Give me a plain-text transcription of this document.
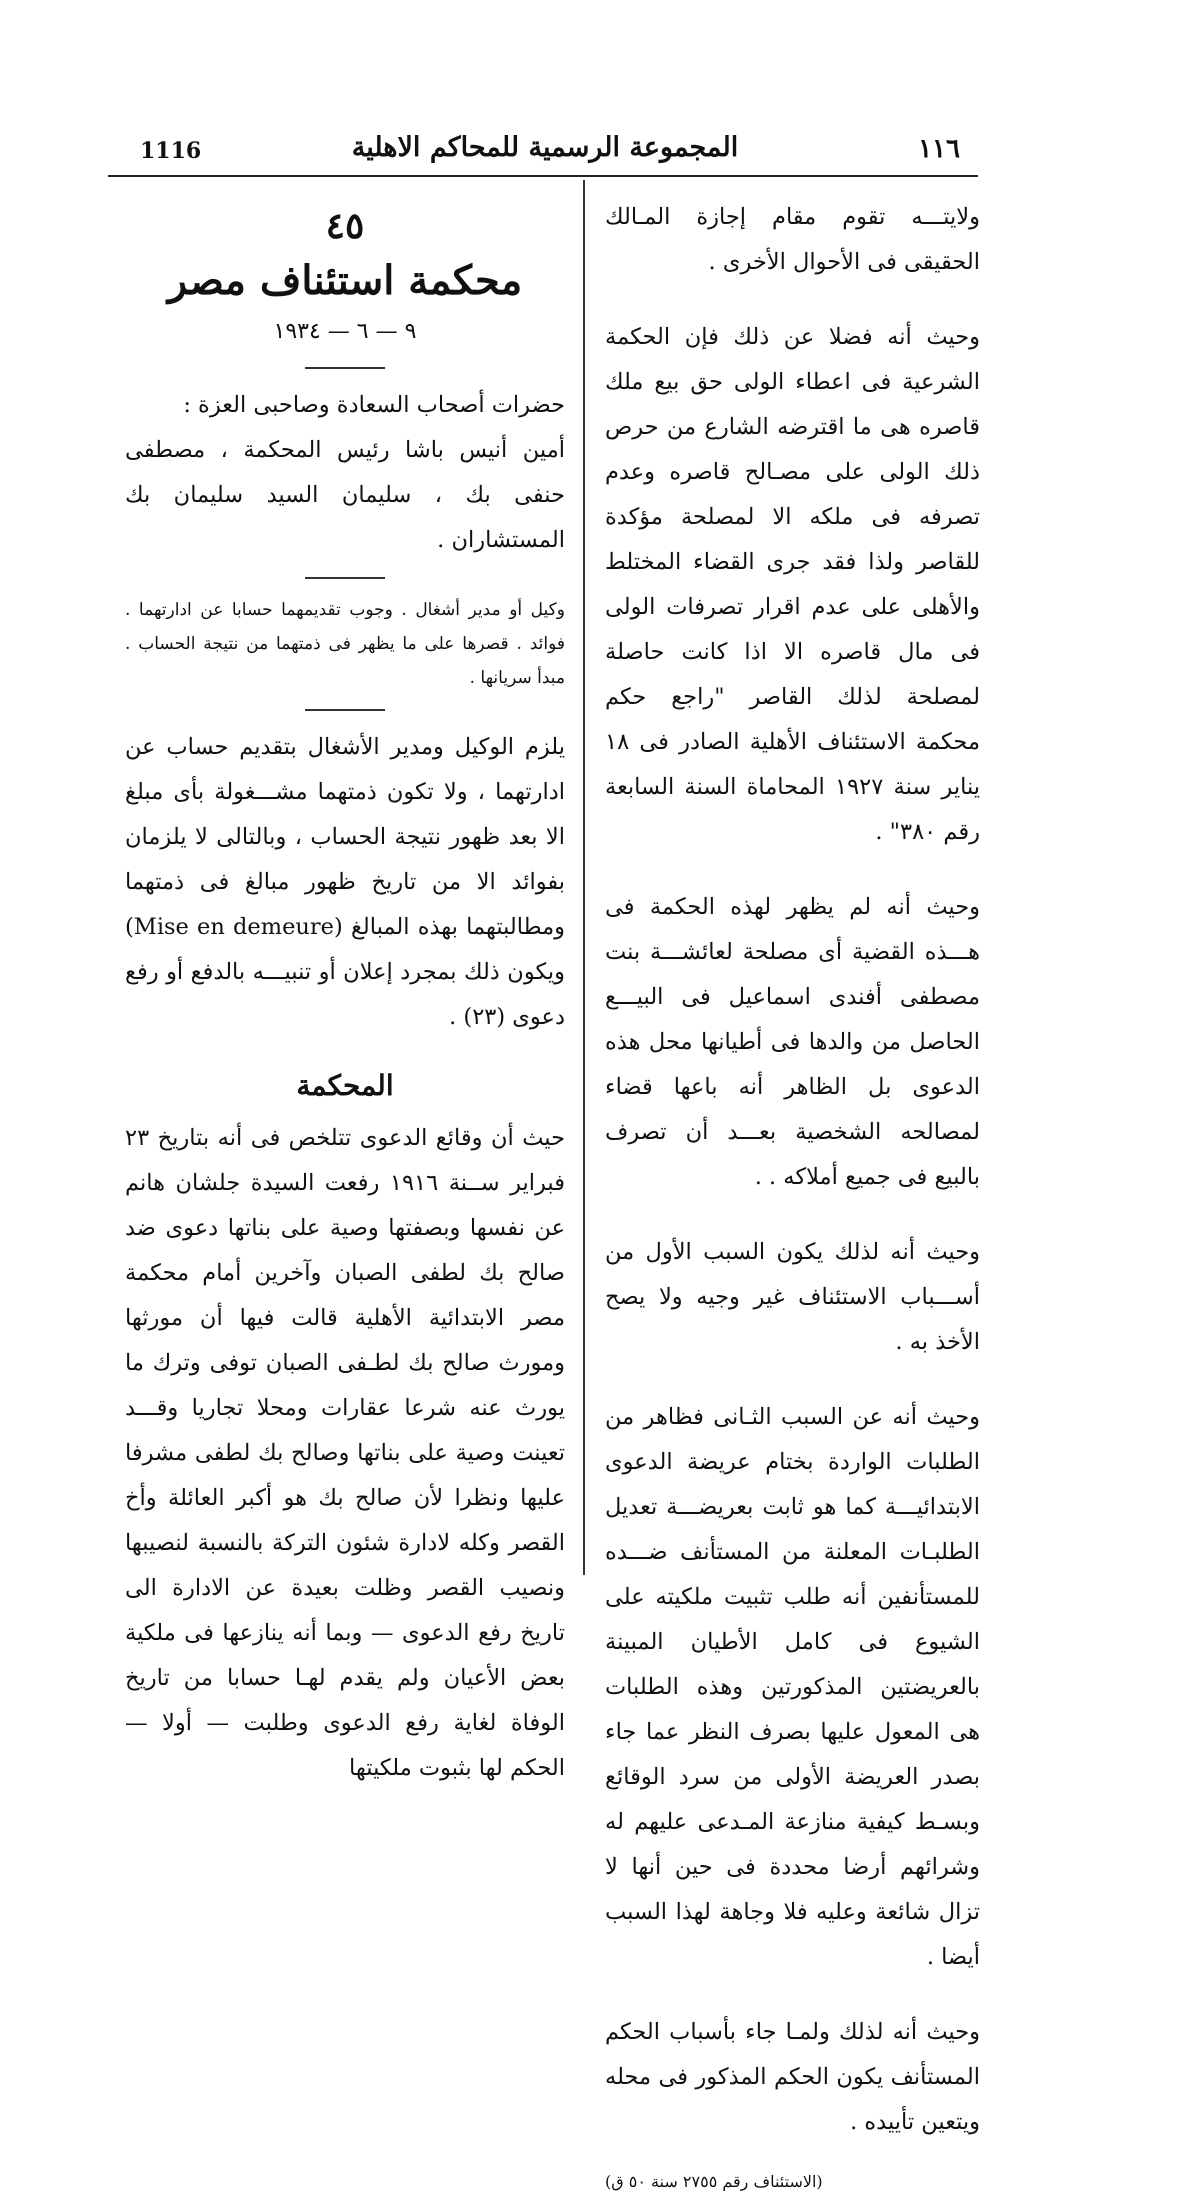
1116	المجموعة الرسمية للمحاكم الاهلية	١١٦

ولايتـــه تقوم مقام إجازة المـالك الحقيقى فى الأحوال الأخرى .

وحيث أنه فضلا عن ذلك فإن الحكمة الشرعية فى اعطاء الولى حق بيع ملك قاصره هى ما اقترضه الشارع من حرص ذلك الولى على مصـالح قاصره وعدم تصرفه فى ملكه الا لمصلحة مؤكدة للقاصر ولذا فقد جرى القضاء المختلط والأهلى على عدم اقرار تصرفات الولى فى مال قاصره الا اذا كانت حاصلة لمصلحة لذلك القاصر "راجع حكم محكمة الاستئناف الأهلية الصادر فى ١٨ يناير سنة ١٩٢٧ المحاماة السنة السابعة رقم ٣٨٠" .

وحيث أنه لم يظهر لهذه الحكمة فى هـــذه القضية أى مصلحة لعائشـــة بنت مصطفى أفندى اسماعيل فى البيـــع الحاصل من والدها فى أطيانها محل هذه الدعوى بل الظاهر أنه باعها قضاء لمصالحه الشخصية بعـــد أن تصرف بالبيع فى جميع أملاكه . .

وحيث أنه لذلك يكون السبب الأول من أســـباب الاستئناف غير وجيه ولا يصح الأخذ به .

وحيث أنه عن السبب الثـانى فظاهر من الطلبات الواردة بختام عريضة الدعوى الابتدائيـــة كما هو ثابت بعريضـــة تعديل الطلبـات المعلنة من المستأنف ضـــده للمستأنفين أنه طلب تثبيت ملكيته على الشيوع فى كامل الأطيان المبينة بالعريضتين المذكورتين وهذه الطلبات هى المعول عليها بصرف النظر عما جاء بصدر العريضة الأولى من سرد الوقائع وبسـط كيفية منازعة المـدعى عليهم له وشرائهم أرضا محددة فى حين أنها لا تزال شائعة وعليه فلا وجاهة لهذا السبب أيضا .

وحيث أنه لذلك ولمـا جاء بأسباب الحكم المستأنف يكون الحكم المذكور فى محله ويتعين تأييده .

(الاستئناف رقم ٢٧٥٥ سنة ٥٠ ق)

٤٥
محكمة استئناف مصر
٩ — ٦ — ١٩٣٤

حضرات أصحاب السعادة وصاحبى العزة :

أمين أنيس باشا رئيس المحكمة ، مصطفى حنفى بك ، سليمان السيد سليمان بك المستشاران .

وكيل أو مدير أشغال . وجوب تقديمهما حسابا عن ادارتهما . فوائد . قصرها على ما يظهر فى ذمتهما من نتيجة الحساب . مبدأ سريانها .

يلزم الوكيل ومدير الأشغال بتقديم حساب عن ادارتهما ، ولا تكون ذمتهما مشـــغولة بأى مبلغ الا بعد ظهور نتيجة الحساب ، وبالتالى لا يلزمان بفوائد الا من تاريخ ظهور مبالغ فى ذمتهما ومطالبتهما بهذه المبالغ (Mise en demeure) ويكون ذلك بمجرد إعلان أو تنبيـــه بالدفع أو رفع دعوى (٢٣) .

المحكمة

حيث أن وقائع الدعوى تتلخص فى أنه بتاريخ ٢٣ فبراير ســنة ١٩١٦ رفعت السيدة جلشان هانم عن نفسها وبصفتها وصية على بناتها دعوى ضد صالح بك لطفى الصبان وآخرين أمام محكمة مصر الابتدائية الأهلية قالت فيها أن مورثها ومورث صالح بك لطـفى الصبان توفى وترك ما يورث عنه شرعا عقارات ومحلا تجاريا وقـــد تعينت وصية على بناتها وصالح بك لطفى مشرفا عليها ونظرا لأن صالح بك هو أكبر العائلة وأخ القصر وكله لادارة شئون التركة بالنسبة لنصيبها ونصيب القصر وظلت بعيدة عن الادارة الى تاريخ رفع الدعوى — وبما أنه ينازعها فى ملكية بعض الأعيان ولم يقدم لهـا حسابا من تاريخ الوفاة لغاية رفع الدعوى وطلبت — أولا — الحكم لها بثبوت ملكيتها
